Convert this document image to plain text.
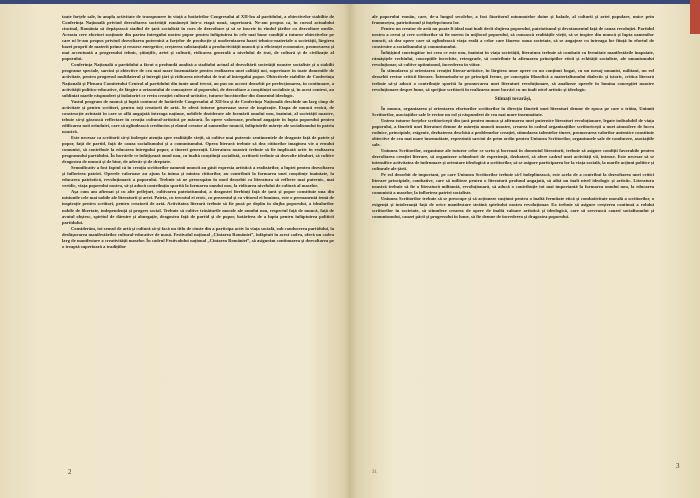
toate forțele sale, în ampla activitate de transpunere în viață a hotărîrilor Congresului al XII-lea al partidului, a obiectivelor stabilite de Conferința Națională privind dezvoltarea societății românești într-o etapă nouă, superioară. Ne-am propus ca, în cursul actualului cincinal, România să depășească stadiul de țară socialistă în curs de dezvoltare și să se înscrie în rîndul țărilor cu dezvoltare medie. Aceasta cere eforturi susținute din partea întregului nostru popor pentru înfăptuirea în cele mai bune condiții a tuturor obiectivelor pe care ni le-am propus privind dezvoltarea puternică a forțelor de producție și modernizarea bazei tehnico-materiale a societății, lărgirea bazei proprii de materii prime și resurse energetice, creșterea substanțială a productivității muncii și a eficienței economice, promovarea și mai accentuată a progresului tehnic, științific, artei și culturii, ridicarea generală a nivelului de trai, de cultură și de civilizație al poporului.

Conferința Națională a partidului a făcut o profundă analiză a stadiului actual al dezvoltării societății noastre socialiste și a stabilit programe speciale, sarcini și obiective de cea mai mare însemnătate pentru realizarea unei calități noi, superioare în toate domeniile de activitate, pentru progresul multilateral și întregii țări și ridicarea nivelului de trai al întregului popor. Obiectivele stabilite de Conferința Națională și Plenara Comitetului Central al partidului din iunie anul trecut, au pus un accent deosebit pe perfecționarea, în continuare, a activității politico-educative, de lărgire a orizontului de cunoaștere al poporului, de dezvoltare a conștiinței socialiste și, în acest context, au subliniat marile răspunderi și îndatoriri ce revin creației cultural-artistice, tuturor lucrătorilor din domeniul ideologic.

Vastul program de muncă și luptă conturat de hotărîrile Congresului al XII-lea și de Conferința Națională deschide un larg cîmp de activitate și pentru scriitori, pentru toți creatorii de artă. Se oferă tuturor generoase surse de inspirație. Etapa de muncă eroică, de construcție avîntată în care se află angajată întreaga națiune, nobilele deziderate ale formării omului nou, înaintat, al societății noastre, tebuie să-și găsească reflectare în creația cultural-artistică pe măsură. În opere valoroase, profund angajate în lupta poporului pentru edificarea noii orînduiri, care să oglindească credincios și elanul creator al oamenilor muncii, înfăptuirile mărețe ale socialismului în patria noastră.

Este necesar ca scriitorii să-și îndrepte atenția spre realitățile vieții, să cultive mai puternic sentimentele de dragoste față de patrie și popor, față de partid, față de cauza socialismului și a comunismului. Opera literară trebuie să dea cititorilor imaginea vie a eroului comunist, să contribuie la educarea întregului popor, a tinerei generații. Literatura noastră trebuie să fie implicată activ în realizarea programului partidului. În lucrările ce înfățișează omul nou, cu înaltă conștiință socialistă, scriitorii trebuie să dezvolte idealuri, să cultive dragostea de muncă și de bine, de adevăr și de dreptate.

Semnificativ a fost faptul că în creația scriitorilor oamenii muncii au găsit expresia artistică a realizărilor, a luptei pentru dezvoltarea și înflorirea patriei. Operele valoroase au ajuns la inima și mintea cititorilor, au contribuit la formarea unei conștiințe înaintate, la educarea patriotică, revoluționară a poporului. Trebuie să ne preocupăm în mod deosebit ca literatura să reflecte mai puternic, mai veridic, viața poporului nostru, să-și aducă contribuția sporită la formarea omului nou, la ridicarea nivelului de cultură al maselor.

Așa cum am afirmat și cu alte prilejuri, cultivarea patriotismului, a dragostei fierbinți față de țară și popor constituie una din misiunile cele mai nobile ale literaturii și artei. Patria, cu trecutul ei eroic, cu prezentul și cu viitorul ei luminos, este o permanentă temă de inspirație pentru scriitori, pentru creatorii de artă. Activitatea literară trebuie să fie pusă pe deplin în slujba poporului, a idealurilor nobile de libertate, independență și progres social. Trebuie să cultive trăsăturile morale ale omului nou, respectul față de muncă, față de avutul obștesc, spiritul de dăruire și abnegație, dragostea față de partid și de popor, hotărîrea de a lupta pentru înfăptuirea politicii partidului.

Considerăm, tot sensul de artă și cultură să-și facă un titlu de cinste din a participa activ la viața socială, sub conducerea partidului, la desfășurarea manifestărilor cultural-educative de masă. Festivalul național „Cîntarea României”, înfăptuit în acest cadru, oferă un cadru larg de manifestare a creativității maselor. În cadrul Festivalului național „Cîntarea României”, să asigurăm continuarea și dezvoltarea pe o treaptă superioară a tradițiilor

ale poporului român, care, de-a lungul secolelor, a fost făuritorul minunatelor doine și balade, al culturii și artei populare, unice prin frumusețea, patriotismul și înțelepciunea lor.

Pentru un creator de artă nu poate fi ideal mai înalt decît slujirea poporului, patriotismul și devotamentul față de cauza revoluției. Partidul nostru a cerut și cere scriitorilor să fie mereu în mijlocul poporului, să cunoască realitățile vieții, să se inspire din muncă și lupta oamenilor muncii, să dea opere care să oglindească viața reală a celor care făuresc noua societate, să se angajeze cu întreaga lor ființă în efortul de construire a socialismului și comunismului.

Înfățișînd convingător tot ceea ce este nou, înaintat în viața societății, literatura trebuie să combată cu fermitate manifestările înapoiate, rămășițele vechiului, concepțiile învechite, retrograde, să contribuie la afirmarea principiilor eticii și echității socialiste, ale umanismului revoluționar, să cultive optimismul, încrederea în viitor.

În stimularea și orientarea creației literar-artistice, în lărgirea unor opere cu un conținut bogat, cu un mesaj umanist, militant, un rol deosebit revine criticii literare. Întemeindu-se pe principii ferme, pe concepția filozofică a materialismului dialectic și istoric, critica literară trebuie să-și aducă o contribuție sporită la promovarea unei literaturi revoluționare, să analizeze operele în lumina concepției noastre revoluționare despre lume, să sprijine scriitorii în realizarea unor lucrări cu un înalt nivel artistic și ideologic.

Stimați tovarăși,

În munca, organizarea și orientarea eforturilor scriitorilor în direcția făuririi unei literaturi demne de epoca pe care o trăim, Uniunii Scriitorilor, asociațiilor sale le revine un rol și răspunderi de cea mai mare însemnătate.

Unirea tuturor forțelor scriitoricești din țară pentru munca și afirmarea unei puternice literaturi revoluționare, legate indisolubil de viața poporului, a făuririi unei literaturi demne de măreția muncii noastre, crearea în cadrul organizațiilor scriitoricești a unei atmosfere de lucru rodnice, principiale, exigente, dezbaterea deschisă a problemelor creației, stimularea talentelor tinere, promovarea valorilor autentice constituie obiective de cea mai mare însemnătate, reprezintă sarcini de prim ordin pentru Uniunea Scriitorilor, organismele sale de conducere, asociațiile sale.

Uniunea Scriitorilor, organisme ale tuturor celor ce scriu și lucrează în domeniul literaturii, trebuie să asigure condiții favorabile pentru dezvoltarea creației literare, să organizeze schimburi de experiență, dezbateri, să ofere cadrul unei activități vii, intense. Este necesar să se intensifice activitatea de îndrumare și orientare ideologică a scriitorilor, să se asigure participarea lor la viața socială, la marile acțiuni politice și culturale ale țării.

Pe rol deosebit de important, pe care Uniunea Scriitorilor trebuie să-l îndeplinească, este acela de a contribui la dezvoltarea unei critici literare principiale, combative, care să militeze pentru o literatură profund angajată, să aibă un înalt nivel ideologic și artistic. Literatura noastră trebuie să fie o literatură militantă, revoluționară, să aducă o contribuție tot mai importantă la formarea omului nou, la educarea comunistă a maselor, la înflorirea patriei socialiste.

Uniunea Scriitorilor trebuie să se preocupe și să acționeze susținut pentru o înaltă fermitate etică și combativitate morală a scriitorilor, o exigență și intoleranță față de orice manifestare străină spiritului nostru revoluționar. Ea trebuie să asigure creșterea continuă a rolului scriitorilor în societate, să stimuleze crearea de opere de înaltă valoare artistică și ideologică, care să servească cauzei socialismului și comunismului, cauzei păcii și progresului în lume, să fie demne de încrederea și dragostea poporului.

2	31
3
